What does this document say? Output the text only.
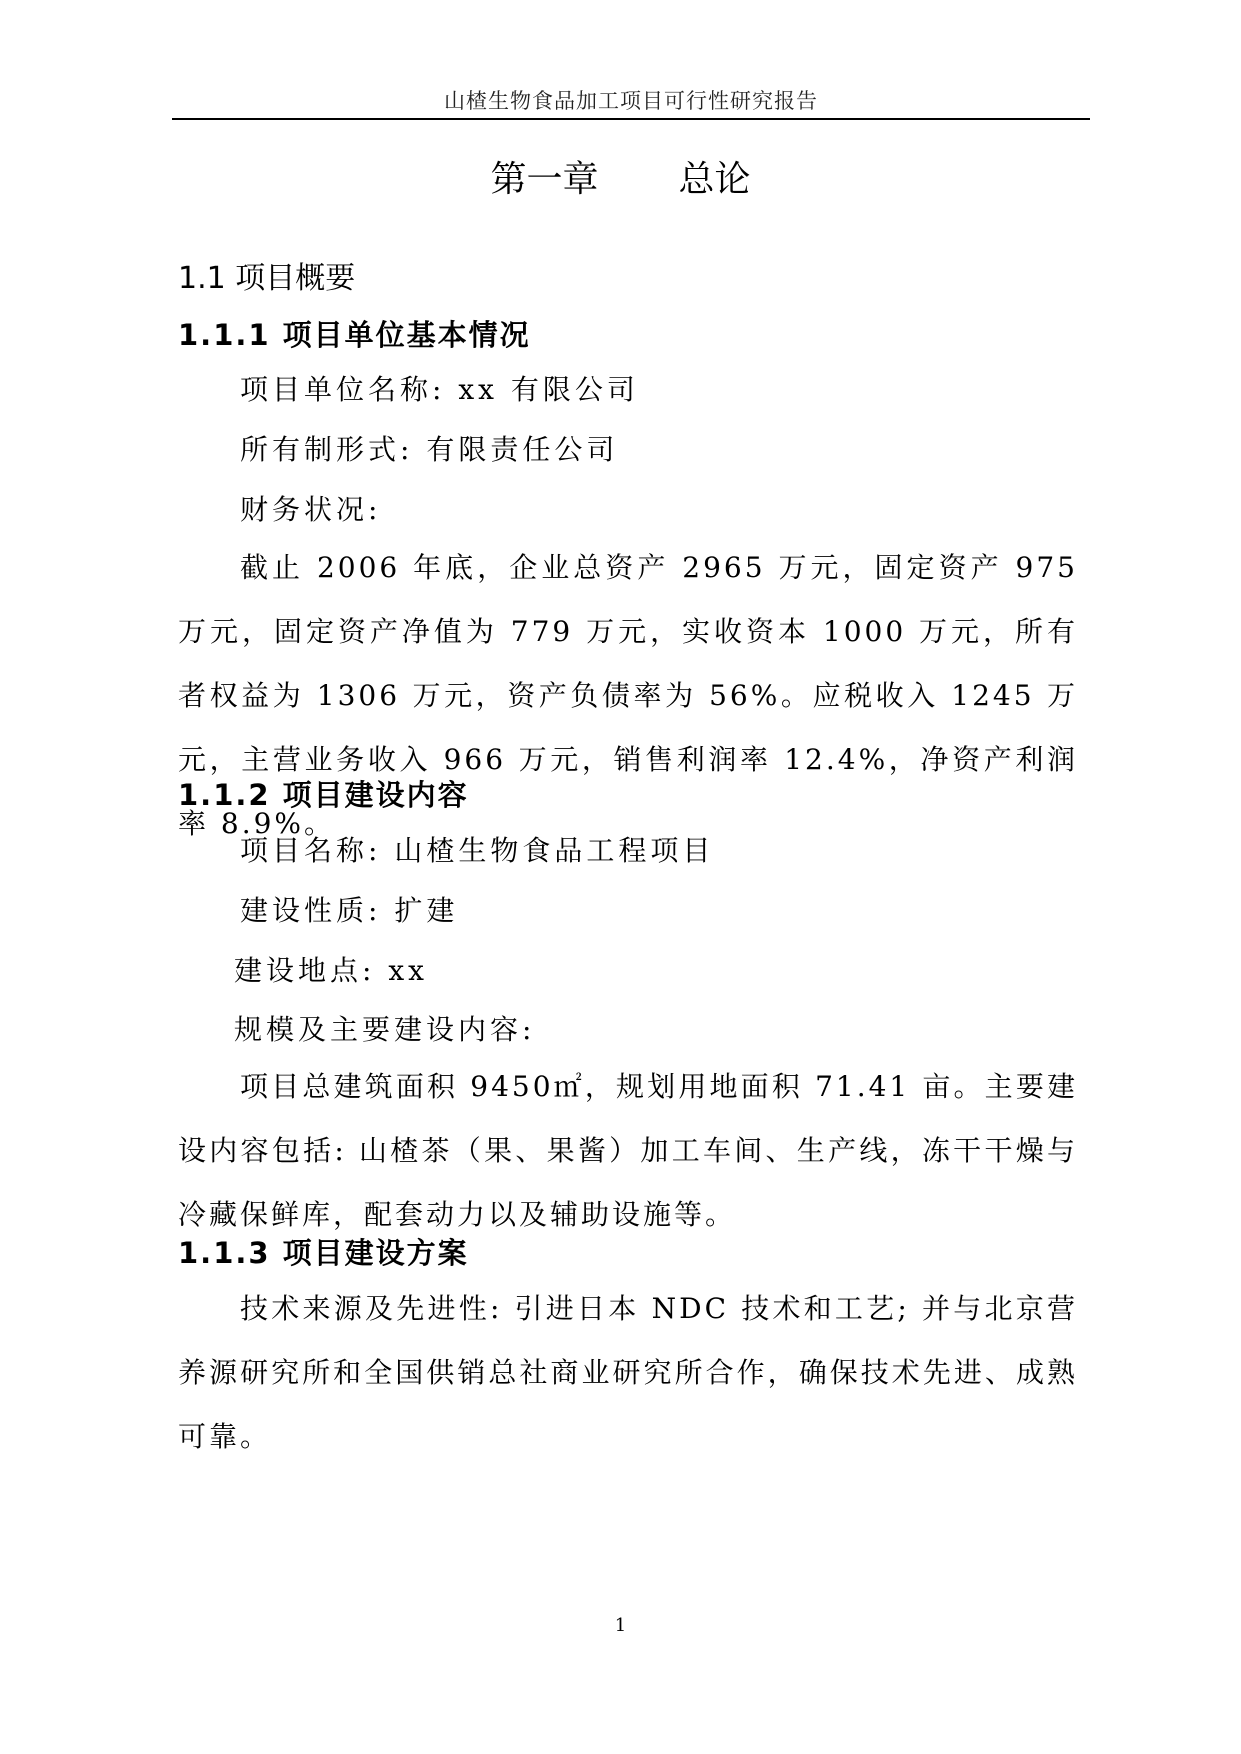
山楂生物食品加工项目可行性研究报告
第一章 总论
1.1 项目概要
1.1.1 项目单位基本情况
项目单位名称: xx 有限公司
所有制形式: 有限责任公司
财务状况:
截止 2006 年底，企业总资产 2965 万元，固定资产 975 万元，固定资产净值为 779 万元，实收资本 1000 万元，所有者权益为 1306 万元，资产负债率为 56%。应税收入 1245 万元，主营业务收入 966 万元，销售利润率 12.4%，净资产利润率 8.9%。
1.1.2 项目建设内容
项目名称: 山楂生物食品工程项目
建设性质: 扩建
建设地点: xx
规模及主要建设内容:
项目总建筑面积 9450㎡，规划用地面积 71.41 亩。主要建设内容包括: 山楂茶（果、果酱）加工车间、生产线，冻干干燥与冷藏保鲜库，配套动力以及辅助设施等。
1.1.3 项目建设方案
技术来源及先进性: 引进日本 NDC 技术和工艺; 并与北京营养源研究所和全国供销总社商业研究所合作，确保技术先进、成熟可靠。
1
